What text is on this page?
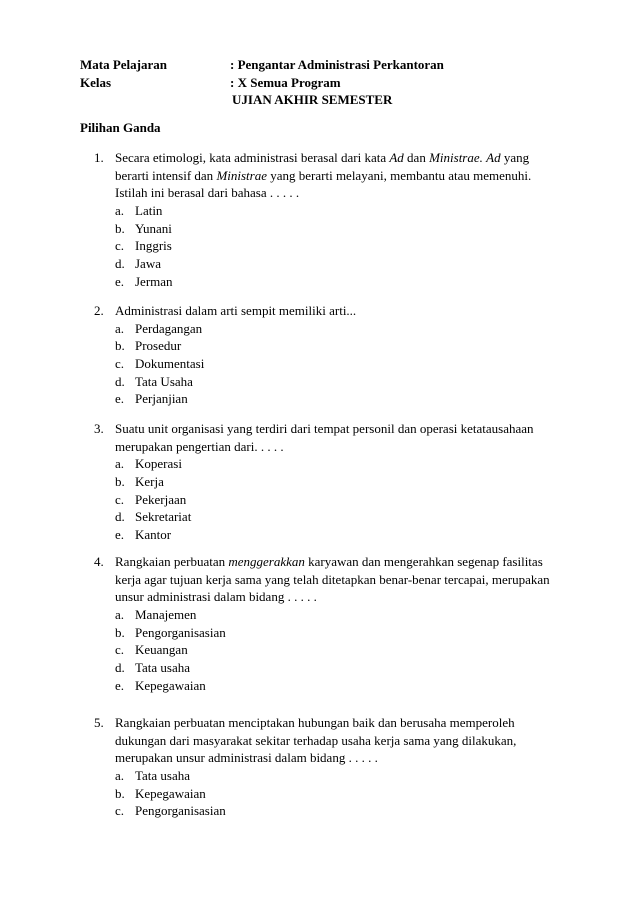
Mata Pelajaran	: Pengantar Administrasi Perkantoran
Kelas	: X Semua Program
UJIAN AKHIR SEMESTER
Pilihan Ganda
1. Secara etimologi, kata administrasi berasal dari kata Ad dan Ministrae. Ad yang berarti intensif dan Ministrae yang berarti melayani, membantu atau memenuhi. Istilah ini berasal dari bahasa . . . . .
a. Latin
b. Yunani
c. Inggris
d. Jawa
e. Jerman
2. Administrasi dalam arti sempit memiliki arti...
a. Perdagangan
b. Prosedur
c. Dokumentasi
d. Tata Usaha
e. Perjanjian
3. Suatu unit organisasi yang terdiri dari tempat personil dan operasi ketatausahaan merupakan pengertian dari. . . . .
a. Koperasi
b. Kerja
c. Pekerjaan
d. Sekretariat
e. Kantor
4. Rangkaian perbuatan menggerakkan karyawan dan mengerahkan segenap fasilitas kerja agar tujuan kerja sama yang telah ditetapkan benar-benar tercapai, merupakan unsur administrasi dalam bidang . . . . .
a. Manajemen
b. Pengorganisasian
c. Keuangan
d. Tata usaha
e. Kepegawaian
5. Rangkaian perbuatan menciptakan hubungan baik dan berusaha memperoleh dukungan dari masyarakat sekitar terhadap usaha kerja sama yang dilakukan, merupakan unsur administrasi dalam bidang . . . . .
a. Tata usaha
b. Kepegawaian
c. Pengorganisasian
